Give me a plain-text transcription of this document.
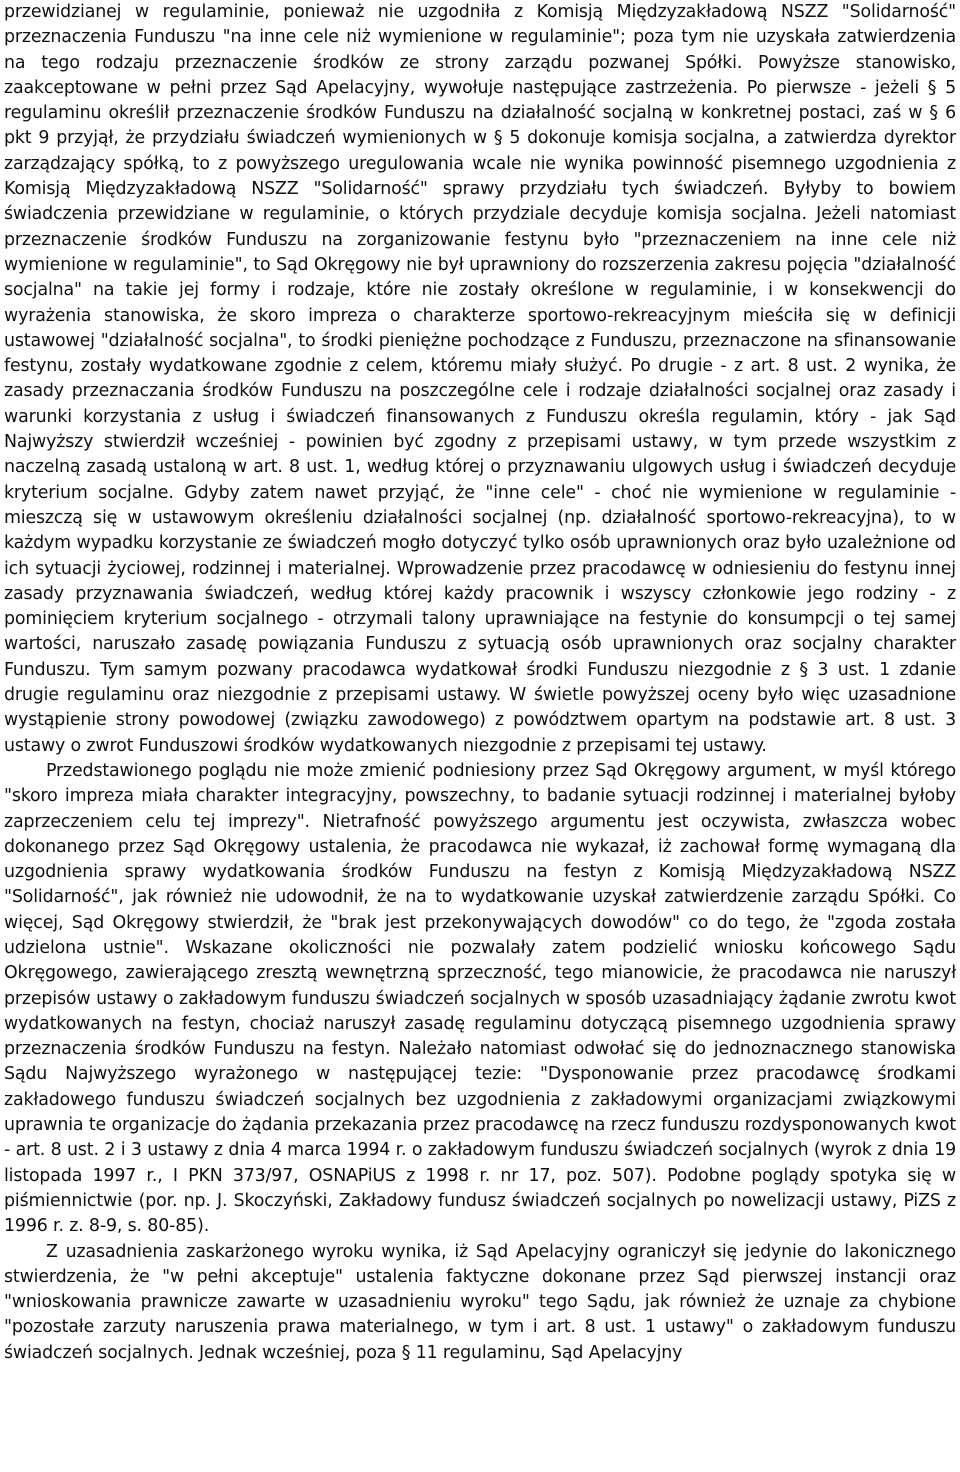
przewidzianej w regulaminie, ponieważ nie uzgodniła z Komisją Międzyzakładową NSZZ "Solidarność" przeznaczenia Funduszu "na inne cele niż wymienione w regulaminie"; poza tym nie uzyskała zatwierdzenia na tego rodzaju przeznaczenie środków ze strony zarządu pozwanej Spółki. Powyższe stanowisko, zaakceptowane w pełni przez Sąd Apelacyjny, wywołuje następujące zastrzeżenia. Po pierwsze - jeżeli § 5 regulaminu określił przeznaczenie środków Funduszu na działalność socjalną w konkretnej postaci, zaś w § 6 pkt 9 przyjął, że przydziału świadczeń wymienionych w § 5 dokonuje komisja socjalna, a zatwierdza dyrektor zarządzający spółką, to z powyższego uregulowania wcale nie wynika powinność pisemnego uzgodnienia z Komisją Międzyzakładową NSZZ "Solidarność" sprawy przydziału tych świadczeń. Byłyby to bowiem świadczenia przewidziane w regulaminie, o których przydziale decyduje komisja socjalna. Jeżeli natomiast przeznaczenie środków Funduszu na zorganizowanie festynu było "przeznaczeniem na inne cele niż wymienione w regulaminie", to Sąd Okręgowy nie był uprawniony do rozszerzenia zakresu pojęcia "działalność socjalna" na takie jej formy i rodzaje, które nie zostały określone w regulaminie, i w konsekwencji do wyrażenia stanowiska, że skoro impreza o charakterze sportowo-rekreacyjnym mieściła się w definicji ustawowej "działalność socjalna", to środki pieniężne pochodzące z Funduszu, przeznaczone na sfinansowanie festynu, zostały wydatkowane zgodnie z celem, któremu miały służyć. Po drugie - z art. 8 ust. 2 wynika, że zasady przeznaczania środków Funduszu na poszczególne cele i rodzaje działalności socjalnej oraz zasady i warunki korzystania z usług i świadczeń finansowanych z Funduszu określa regulamin, który - jak Sąd Najwyższy stwierdził wcześniej - powinien być zgodny z przepisami ustawy, w tym przede wszystkim z naczelną zasadą ustaloną w art. 8 ust. 1, według której o przyznawaniu ulgowych usług i świadczeń decyduje kryterium socjalne. Gdyby zatem nawet przyjąć, że "inne cele" - choć nie wymienione w regulaminie - mieszczą się w ustawowym określeniu działalności socjalnej (np. działalność sportowo-rekreacyjna), to w każdym wypadku korzystanie ze świadczeń mogło dotyczyć tylko osób uprawnionych oraz było uzależnione od ich sytuacji życiowej, rodzinnej i materialnej. Wprowadzenie przez pracodawcę w odniesieniu do festynu innej zasady przyznawania świadczeń, według której każdy pracownik i wszyscy członkowie jego rodziny - z pominięciem kryterium socjalnego - otrzymali talony uprawniające na festynie do konsumpcji o tej samej wartości, naruszało zasadę powiązania Funduszu z sytuacją osób uprawnionych oraz socjalny charakter Funduszu. Tym samym pozwany pracodawca wydatkował środki Funduszu niezgodnie z § 3 ust. 1 zdanie drugie regulaminu oraz niezgodnie z przepisami ustawy. W świetle powyższej oceny było więc uzasadnione wystąpienie strony powodowej (związku zawodowego) z powództwem opartym na podstawie art. 8 ust. 3 ustawy o zwrot Funduszowi środków wydatkowanych niezgodnie z przepisami tej ustawy.

Przedstawionego poglądu nie może zmienić podniesiony przez Sąd Okręgowy argument, w myśl którego "skoro impreza miała charakter integracyjny, powszechny, to badanie sytuacji rodzinnej i materialnej byłoby zaprzeczeniem celu tej imprezy". Nietrafność powyższego argumentu jest oczywista, zwłaszcza wobec dokonanego przez Sąd Okręgowy ustalenia, że pracodawca nie wykazał, iż zachował formę wymaganą dla uzgodnienia sprawy wydatkowania środków Funduszu na festyn z Komisją Międzyzakładową NSZZ "Solidarność", jak również nie udowodnił, że na to wydatkowanie uzyskał zatwierdzenie zarządu Spółki. Co więcej, Sąd Okręgowy stwierdził, że "brak jest przekonywających dowodów" co do tego, że "zgoda została udzielona ustnie". Wskazane okoliczności nie pozwalały zatem podzielić wniosku końcowego Sądu Okręgowego, zawierającego zresztą wewnętrzną sprzeczność, tego mianowicie, że pracodawca nie naruszył przepisów ustawy o zakładowym funduszu świadczeń socjalnych w sposób uzasadniający żądanie zwrotu kwot wydatkowanych na festyn, chociaż naruszył zasadę regulaminu dotyczącą pisemnego uzgodnienia sprawy przeznaczenia środków Funduszu na festyn. Należało natomiast odwołać się do jednoznacznego stanowiska Sądu Najwyższego wyrażonego w następującej tezie: "Dysponowanie przez pracodawcę środkami zakładowego funduszu świadczeń socjalnych bez uzgodnienia z zakładowymi organizacjami związkowymi uprawnia te organizacje do żądania przekazania przez pracodawcę na rzecz funduszu rozdysponowanych kwot - art. 8 ust. 2 i 3 ustawy z dnia 4 marca 1994 r. o zakładowym funduszu świadczeń socjalnych (wyrok z dnia 19 listopada 1997 r., I PKN 373/97, OSNAPiUS z 1998 r. nr 17, poz. 507). Podobne poglądy spotyka się w piśmiennictwie (por. np. J. Skoczyński, Zakładowy fundusz świadczeń socjalnych po nowelizacji ustawy, PiZS z 1996 r. z. 8-9, s. 80-85).

Z uzasadnienia zaskarżonego wyroku wynika, iż Sąd Apelacyjny ograniczył się jedynie do lakonicznego stwierdzenia, że "w pełni akceptuje" ustalenia faktyczne dokonane przez Sąd pierwszej instancji oraz "wnioskowania prawnicze zawarte w uzasadnieniu wyroku" tego Sądu, jak również że uznaje za chybione "pozostałe zarzuty naruszenia prawa materialnego, w tym i art. 8 ust. 1 ustawy" o zakładowym funduszu świadczeń socjalnych. Jednak wcześniej, poza § 11 regulaminu, Sąd Apelacyjny
